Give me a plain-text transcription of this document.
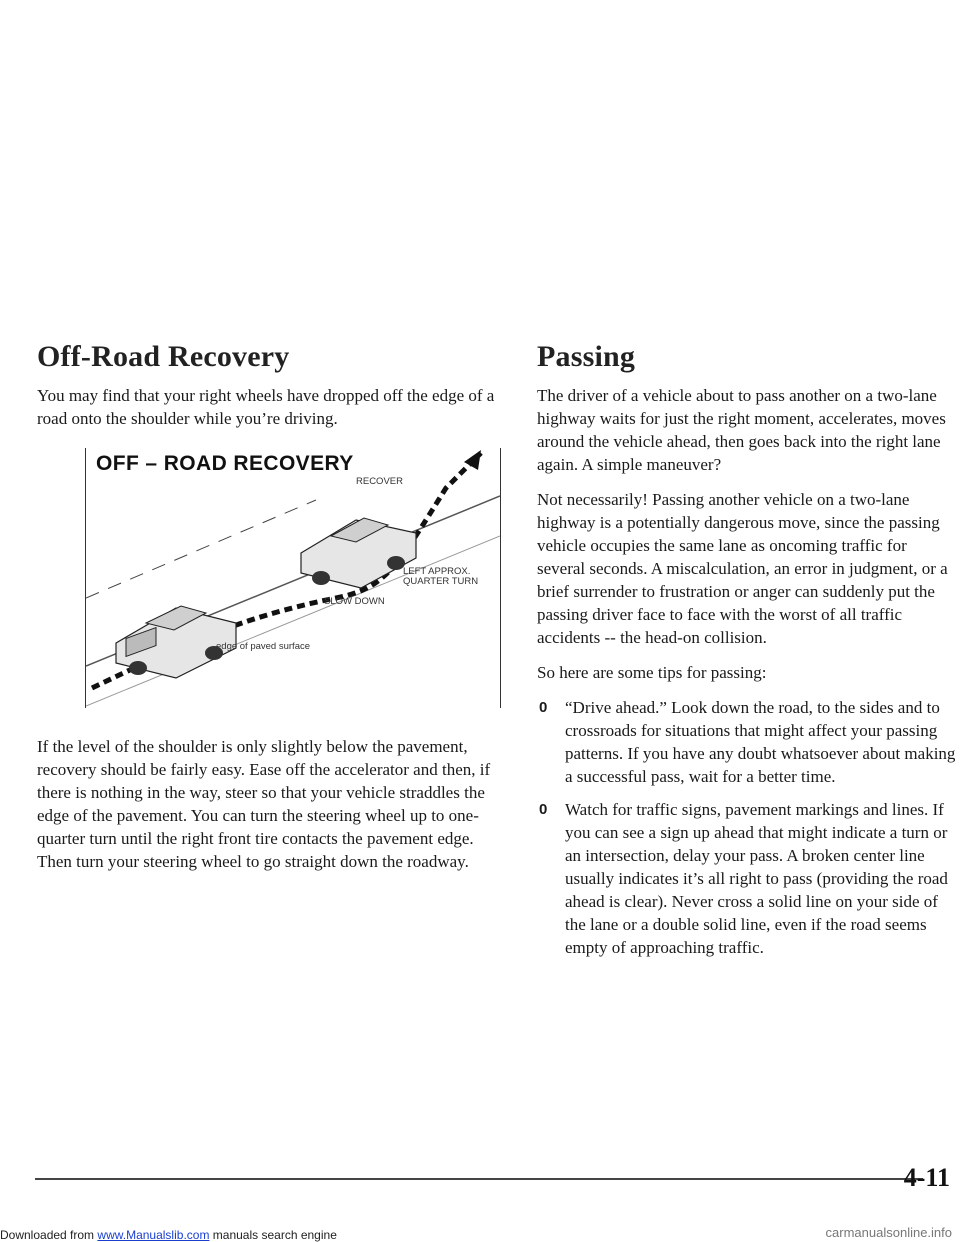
Off-Road Recovery

You may find that your right wheels have dropped off the edge of a road onto the shoulder while you’re driving.

OFF – ROAD RECOVERY
RECOVER
LEFT APPROX.
QUARTER TURN
SLOW DOWN
edge of paved surface

If the level of the shoulder is only slightly below the pavement, recovery should be fairly easy. Ease off the accelerator and then, if there is nothing in the way, steer so that your vehicle straddles the edge of the pavement. You can turn the steering wheel up to one-quarter turn until the right front tire contacts the pavement edge. Then turn your steering wheel to go straight down the roadway.

Passing

The driver of a vehicle about to pass another on a two-lane highway waits for just the right moment, accelerates, moves around the vehicle ahead, then goes back into the right lane again. A simple maneuver?

Not necessarily! Passing another vehicle on a two-lane highway is a potentially dangerous move, since the passing vehicle occupies the same lane as oncoming traffic for several seconds. A miscalculation, an error in judgment, or a brief surrender to frustration or anger can suddenly put the passing driver face to face with the worst of all traffic accidents -- the head-on collision.

So here are some tips for passing:

0 “Drive ahead.” Look down the road, to the sides and to crossroads for situations that might affect your passing patterns. If you have any doubt whatsoever about making a successful pass, wait for a better time.
0 Watch for traffic signs, pavement markings and lines. If you can see a sign up ahead that might indicate a turn or an intersection, delay your pass. A broken center line usually indicates it’s all right to pass (providing the road ahead is clear). Never cross a solid line on your side of the lane or a double solid line, even if the road seems empty of approaching traffic.
4-11
Downloaded from www.Manualslib.com manuals search engine	carmanualsonline.info
